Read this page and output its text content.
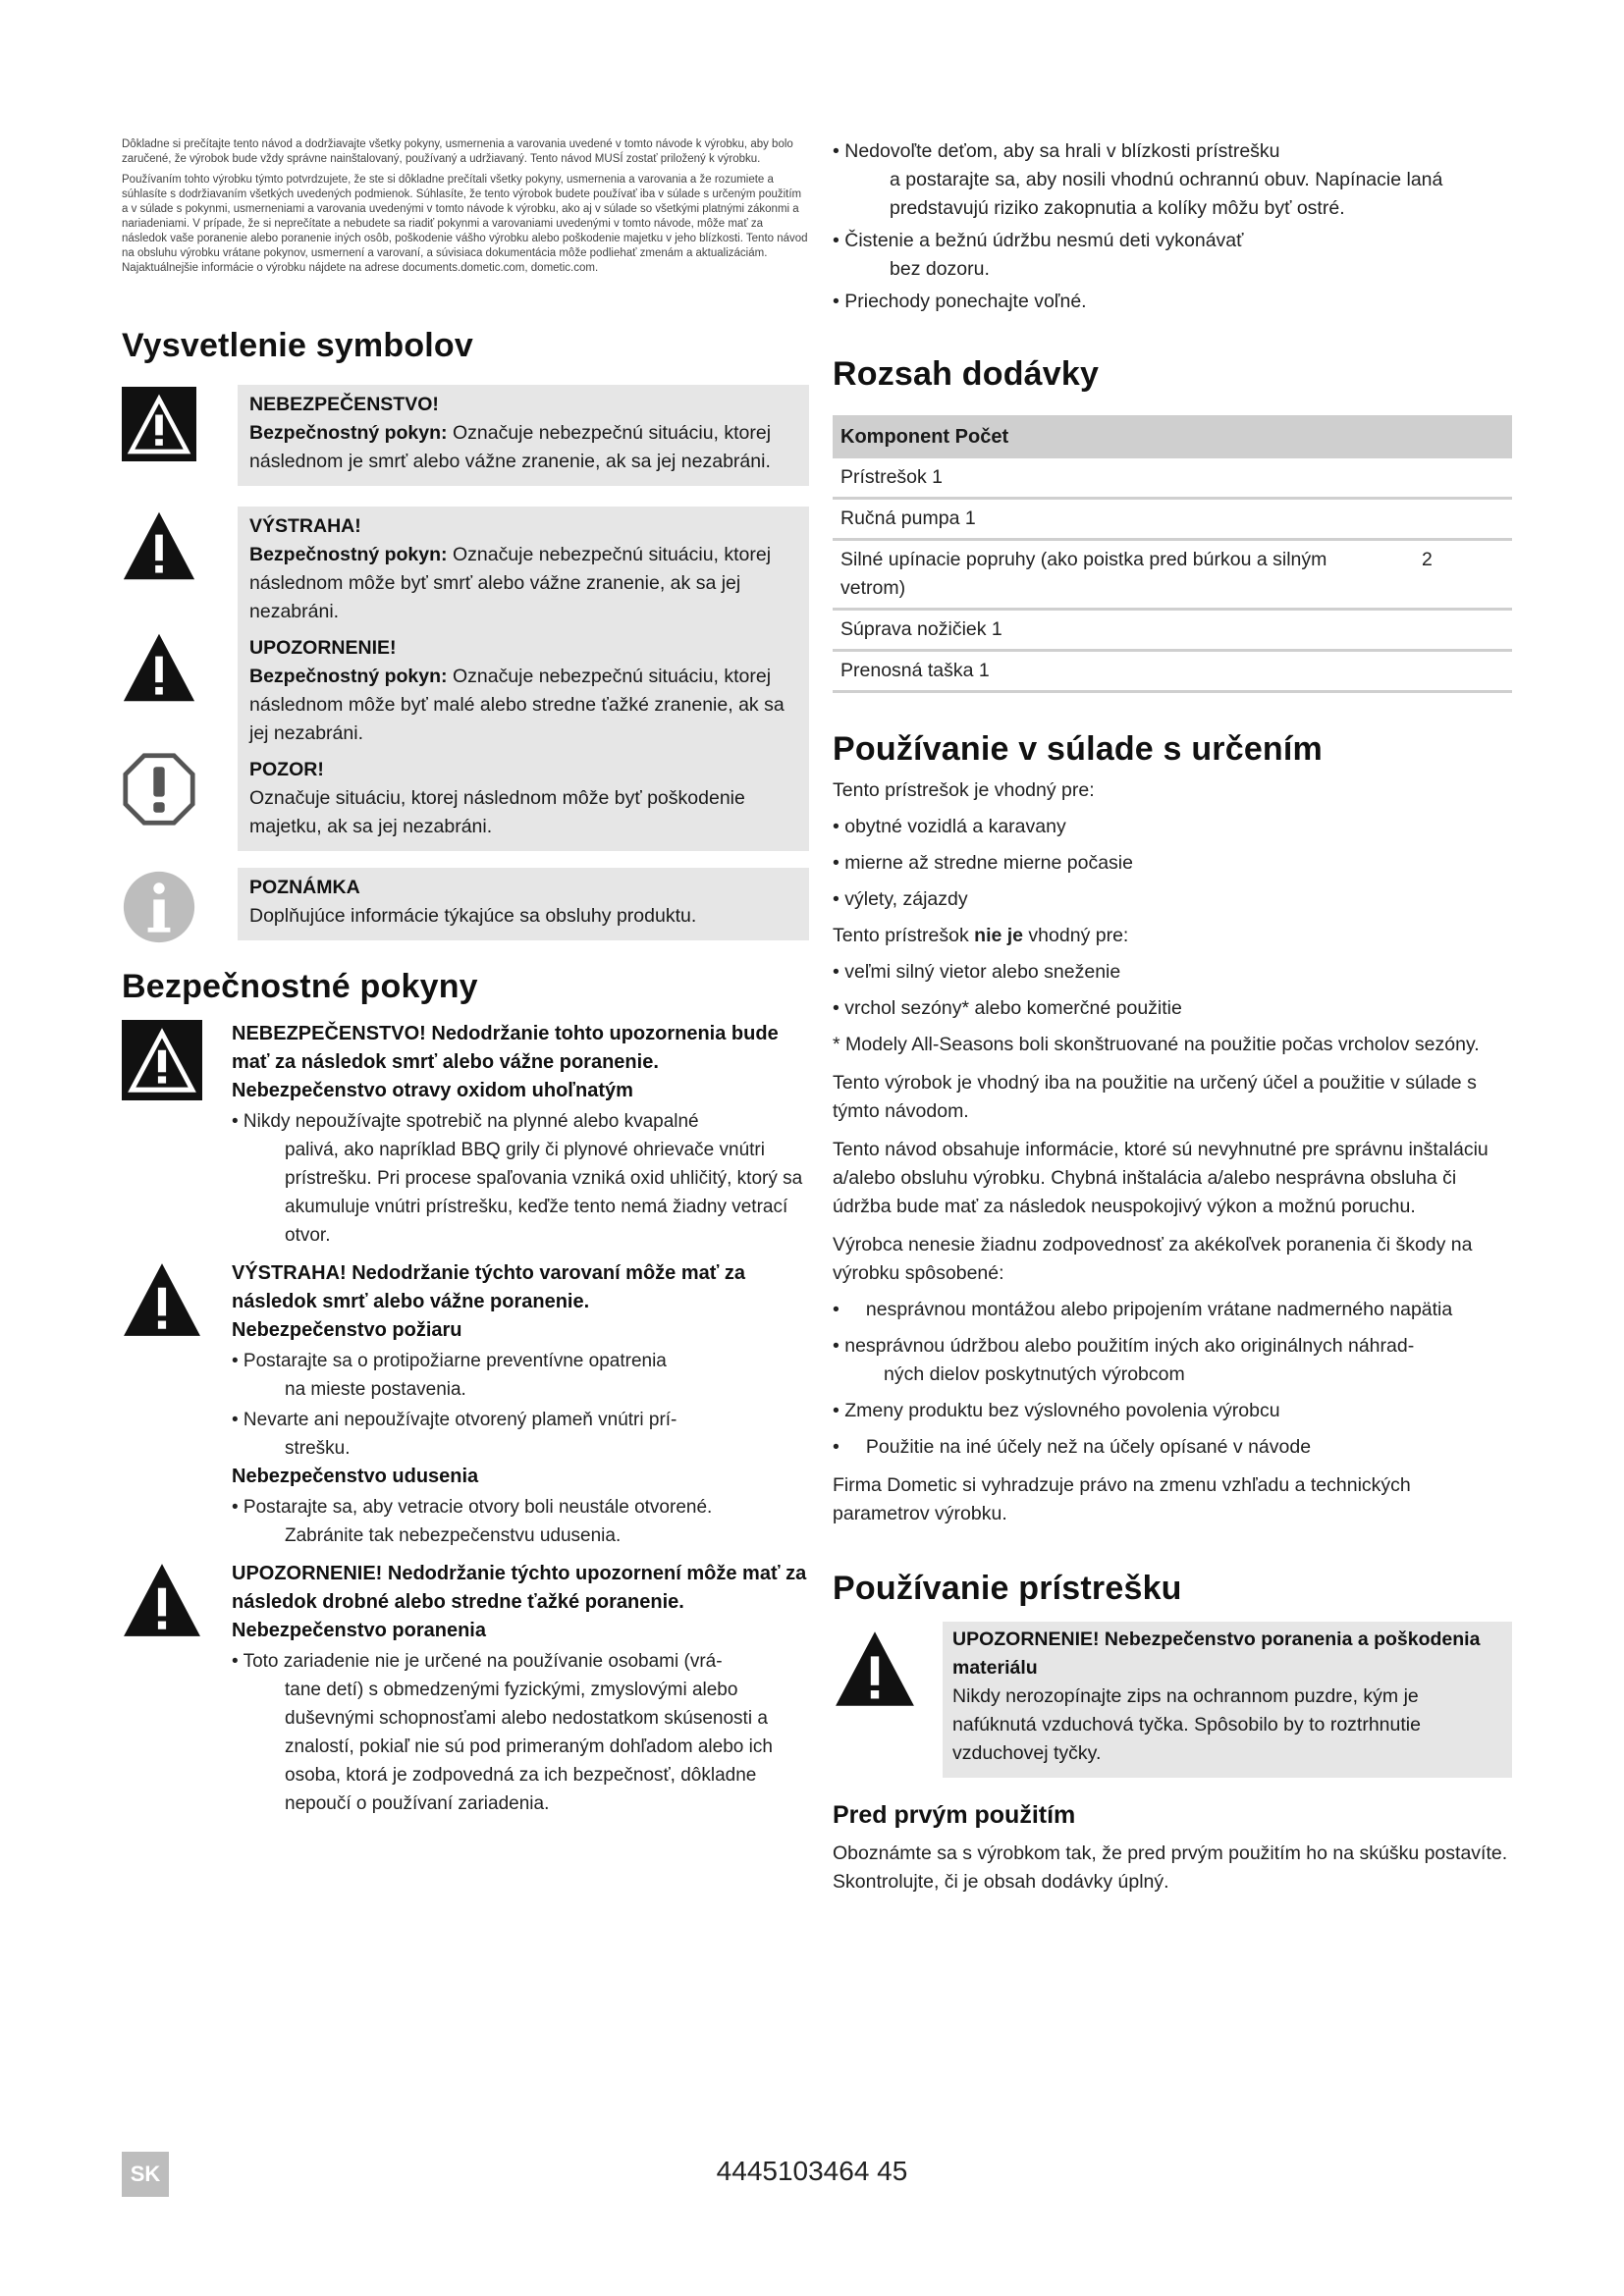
Dôkladne si prečítajte tento návod a dodržiavajte všetky pokyny, usmernenia a varovania uvedené v tomto návode k výrobku, aby bolo zaručené, že výrobok bude vždy správne nainštalovaný, používaný a udržiavaný. Tento návod MUSÍ zostať priložený k výrobku.

Používaním tohto výrobku týmto potvrdzujete, že ste si dôkladne prečítali všetky pokyny, usmernenia a varovania a že rozumiete a súhlasíte s dodržiavaním všetkých uvedených podmienok. Súhlasíte, že tento výrobok budete používať iba v súlade s určeným použitím a v súlade s pokynmi, usmerneniami a varovania uvedenými v tomto návode k výrobku, ako aj v súlade so všetkými platnými zákonmi a nariadeniami. V prípade, že si neprečítate a nebudete sa riadiť pokynmi a varovaniami uvedenými v tomto návode, môže mať za následok vaše poranenie alebo poranenie iných osôb, poškodenie vášho výrobku alebo poškodenie majetku v jeho blízkosti. Tento návod na obsluhu výrobku vrátane pokynov, usmernení a varovaní, a súvisiaca dokumentácia môže podliehať zmenám a aktualizáciám. Najaktuálnejšie informácie o výrobku nájdete na adrese documents.dometic.com, dometic.com.

Vysvetlenie symbolov
NEBEZPEČENSTVO!
Bezpečnostný pokyn: Označuje nebezpečnú situáciu, ktorej následnom je smrť alebo vážne zranenie, ak sa jej nezabráni.
VÝSTRAHA!
Bezpečnostný pokyn: Označuje nebezpečnú situáciu, ktorej následnom môže byť smrť alebo vážne zranenie, ak sa jej nezabráni.
UPOZORNENIE!
Bezpečnostný pokyn: Označuje nebezpečnú situáciu, ktorej následnom môže byť malé alebo stredne ťažké zranenie, ak sa jej nezabráni.
POZOR!
Označuje situáciu, ktorej následnom môže byť poškodenie majetku, ak sa jej nezabráni.
POZNÁMKA
Doplňujúce informácie týkajúce sa obsluhy produktu.
Bezpečnostné pokyny
NEBEZPEČENSTVO! Nedodržanie tohto upozornenia bude mať za následok smrť alebo vážne poranenie.
Nebezpečenstvo otravy oxidom uhoľnatým
• Nikdy nepoužívajte spotrebič na plynné alebo kvapalné
palivá, ako napríklad BBQ grily či plynové ohrievače vnútri prístrešku. Pri procese spaľovania vzniká oxid uhličitý, ktorý sa akumuluje vnútri prístrešku, keďže tento nemá žiadny vetrací otvor.
VÝSTRAHA! Nedodržanie týchto varovaní môže mať za následok smrť alebo vážne poranenie.
Nebezpečenstvo požiaru
• Postarajte sa o protipožiarne preventívne opatrenia
na mieste postavenia.
• Nevarte ani nepoužívajte otvorený plameň vnútri prí-
strešku.
Nebezpečenstvo udusenia
• Postarajte sa, aby vetracie otvory boli neustále otvorené.
Zabránite tak nebezpečenstvu udusenia.
UPOZORNENIE! Nedodržanie týchto upozornení môže mať za následok drobné alebo stredne ťažké poranenie.
Nebezpečenstvo poranenia
• Toto zariadenie nie je určené na používanie osobami (vrá-
tane detí) s obmedzenými fyzickými, zmyslovými alebo duševnými schopnosťami alebo nedostatkom skúsenosti a znalostí, pokiaľ nie sú pod primeraným dohľadom alebo ich osoba, ktorá je zodpovedná za ich bezpečnosť, dôkladne nepoučí o používaní zariadenia.
• Nedovoľte deťom, aby sa hrali v blízkosti prístrešku
a postarajte sa, aby nosili vhodnú ochrannú obuv. Napínacie laná predstavujú riziko zakopnutia a kolíky môžu byť ostré.
• Čistenie a bežnú údržbu nesmú deti vykonávať
bez dozoru.
• Priechody ponechajte voľné.
Rozsah dodávky
Komponent Počet	
Prístrešok 1	
Ručná pumpa 1	
Silné upínacie popruhy (ako poistka pred búrkou a silným vetrom)	2
Súprava nožičiek 1	
Prenosná taška 1	
Používanie v súlade s určením
Tento prístrešok je vhodný pre:
• obytné vozidlá a karavany
• mierne až stredne mierne počasie
• výlety, zájazdy
Tento prístrešok nie je vhodný pre:
• veľmi silný vietor alebo sneženie
• vrchol sezóny* alebo komerčné použitie
* Modely All-Seasons boli skonštruované na použitie počas vrcholov sezóny.
Tento výrobok je vhodný iba na použitie na určený účel a použitie v súlade s týmto návodom.
Tento návod obsahuje informácie, ktoré sú nevyhnutné pre správnu inštaláciu a/alebo obsluhu výrobku. Chybná inštalácia a/alebo nesprávna obsluha či údržba bude mať za následok neuspokojivý výkon a možnú poruchu.
Výrobca nenesie žiadnu zodpovednosť za akékoľvek poranenia či škody na výrobku spôsobené:
•     nesprávnou montážou alebo pripojením vrátane nadmerného napätia
• nesprávnou údržbou alebo použitím iných ako originálnych náhrad-
ných dielov poskytnutých výrobcom
• Zmeny produktu bez výslovného povolenia výrobcu
•     Použitie na iné účely než na účely opísané v návode
Firma Dometic si vyhradzuje právo na zmenu vzhľadu a technických parametrov výrobku.
Používanie prístrešku
UPOZORNENIE! Nebezpečenstvo poranenia a poškodenia materiálu
Nikdy nerozopínajte zips na ochrannom puzdre, kým je nafúknutá vzduchová tyčka. Spôsobilo by to roztrhnutie vzduchovej tyčky.
Pred prvým použitím
Oboznámte sa s výrobkom tak, že pred prvým použitím ho na skúšku postavíte. Skontrolujte, či je obsah dodávky úplný.
SK	4445103464 45
